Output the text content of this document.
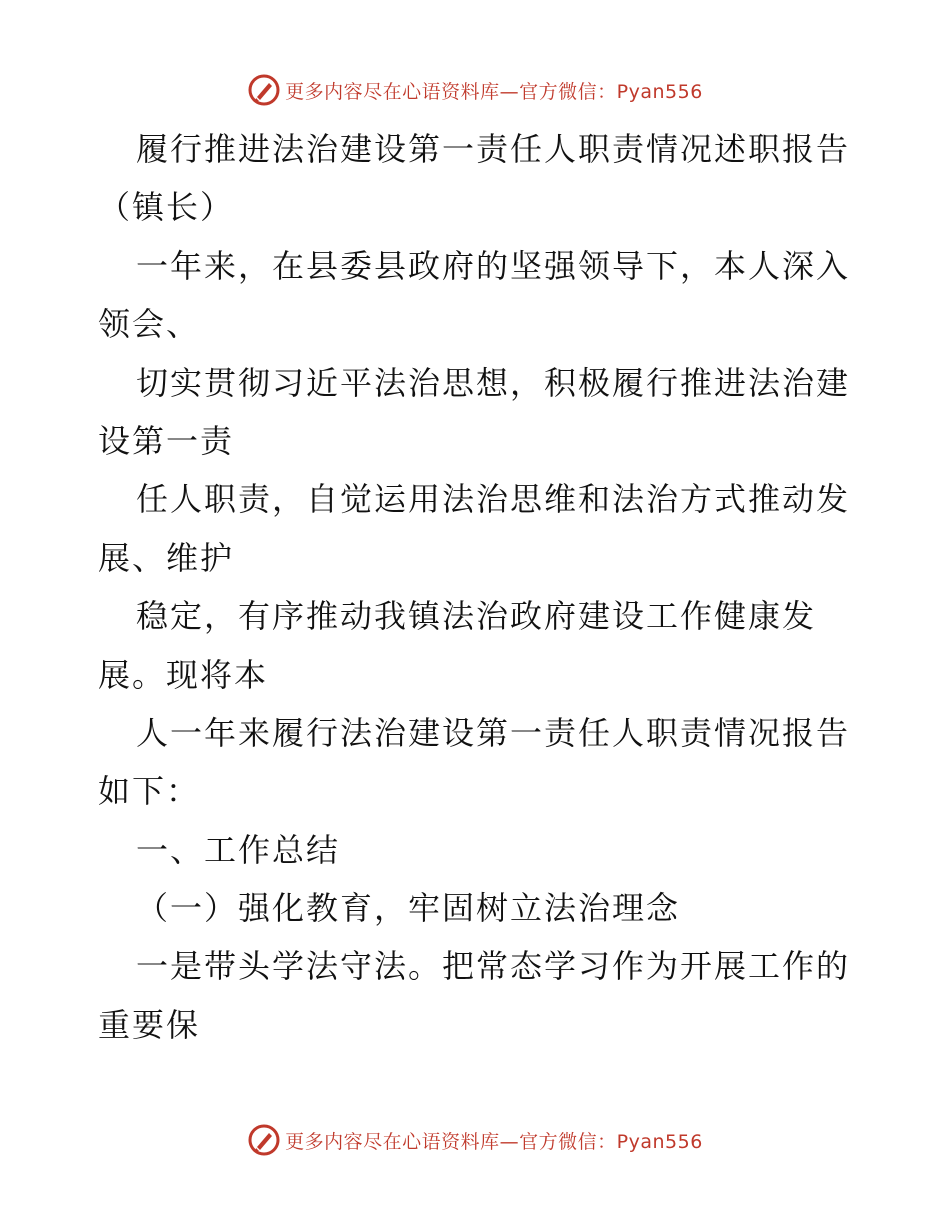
更多内容尽在心语资料库—官方微信：Pyan556
履行推进法治建设第一责任人职责情况述职报告
（镇长）
一年来，在县委县政府的坚强领导下，本人深入
领会、
切实贯彻习近平法治思想，积极履行推进法治建
设第一责
任人职责，自觉运用法治思维和法治方式推动发
展、维护
稳定，有序推动我镇法治政府建设工作健康发
展。现将本
人一年来履行法治建设第一责任人职责情况报告
如下：
一、工作总结
（一）强化教育，牢固树立法治理念
一是带头学法守法。把常态学习作为开展工作的
重要保
更多内容尽在心语资料库—官方微信：Pyan556
